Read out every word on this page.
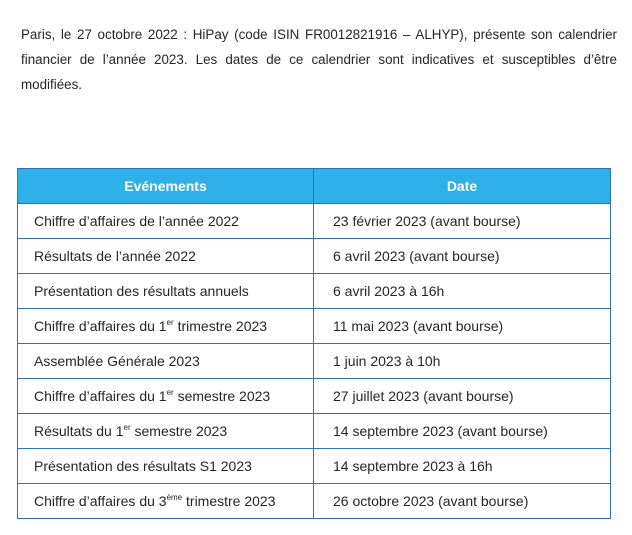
Paris, le 27 octobre 2022 : HiPay (code ISIN FR0012821916 – ALHYP), présente son calendrier financier de l’année 2023. Les dates de ce calendrier sont indicatives et susceptibles d’être modifiées.

Evénements	Date
Chiffre d’affaires de l’année 2022	23 février 2023 (avant bourse)
Résultats de l’année 2022	6 avril 2023 (avant bourse)
Présentation des résultats annuels	6 avril 2023 à 16h
Chiffre d’affaires du 1er trimestre 2023	11 mai 2023 (avant bourse)
Assemblée Générale 2023	1 juin 2023 à 10h
Chiffre d’affaires du 1er semestre 2023	27 juillet 2023 (avant bourse)
Résultats du 1er semestre 2023	14 septembre 2023 (avant bourse)
Présentation des résultats S1 2023	14 septembre 2023 à 16h
Chiffre d’affaires du 3ème trimestre 2023	26 octobre 2023 (avant bourse)
